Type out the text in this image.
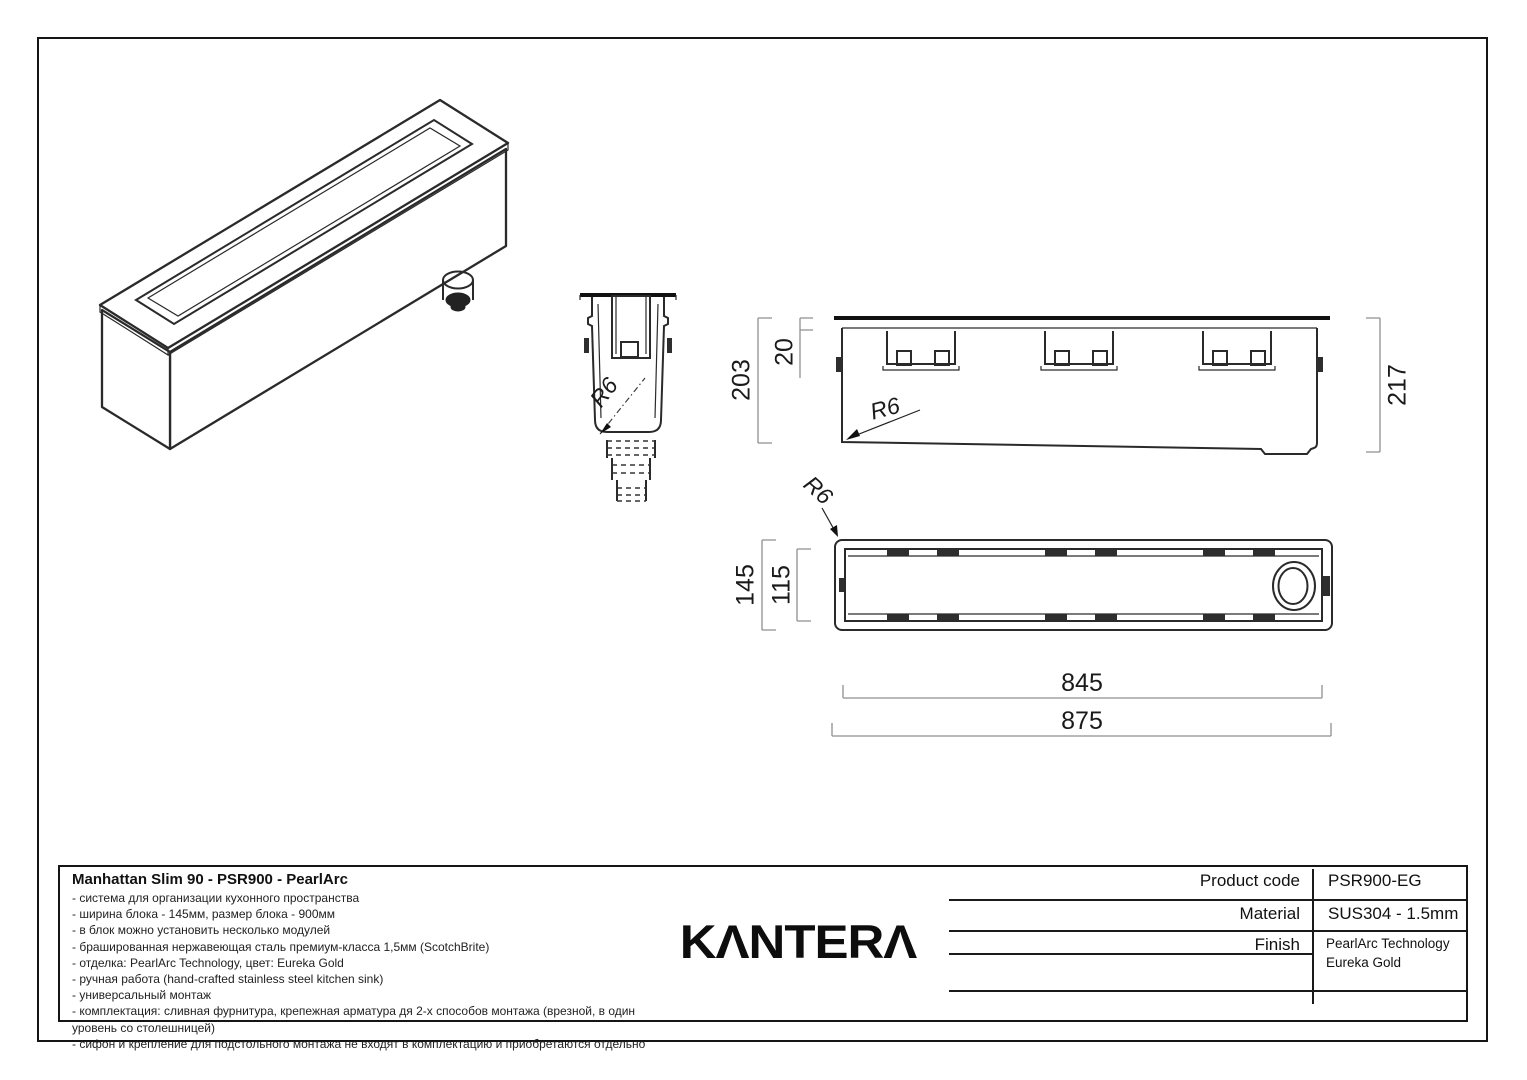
R6	203
20
217
R6
145 115
R6
845
875
Manhattan Slim 90 - PSR900 - PearlArc
- система для организации кухонного пространства
- ширина блока - 145мм, размер блока - 900мм
- в блок можно установить несколько модулей
- брашированная нержавеющая сталь премиум-класса 1,5мм (ScotchBrite)
- отделка: PearlArc Technology, цвет: Eureka Gold
- ручная работа (hand-crafted stainless steel kitchen sink)
- универсальный монтаж
- комплектация: сливная фурнитура, крепежная арматура дя 2-х способов монтажа (врезной, в один уровень со столешницей)
- сифон и крепление для подстольного монтажа не входят в комплектацию и приобретаются отдельно
KΛNTERΛ
Product code	PSR900-EG
Material	SUS304 - 1.5mm
Finish	PearlArc Technology
Eureka Gold
